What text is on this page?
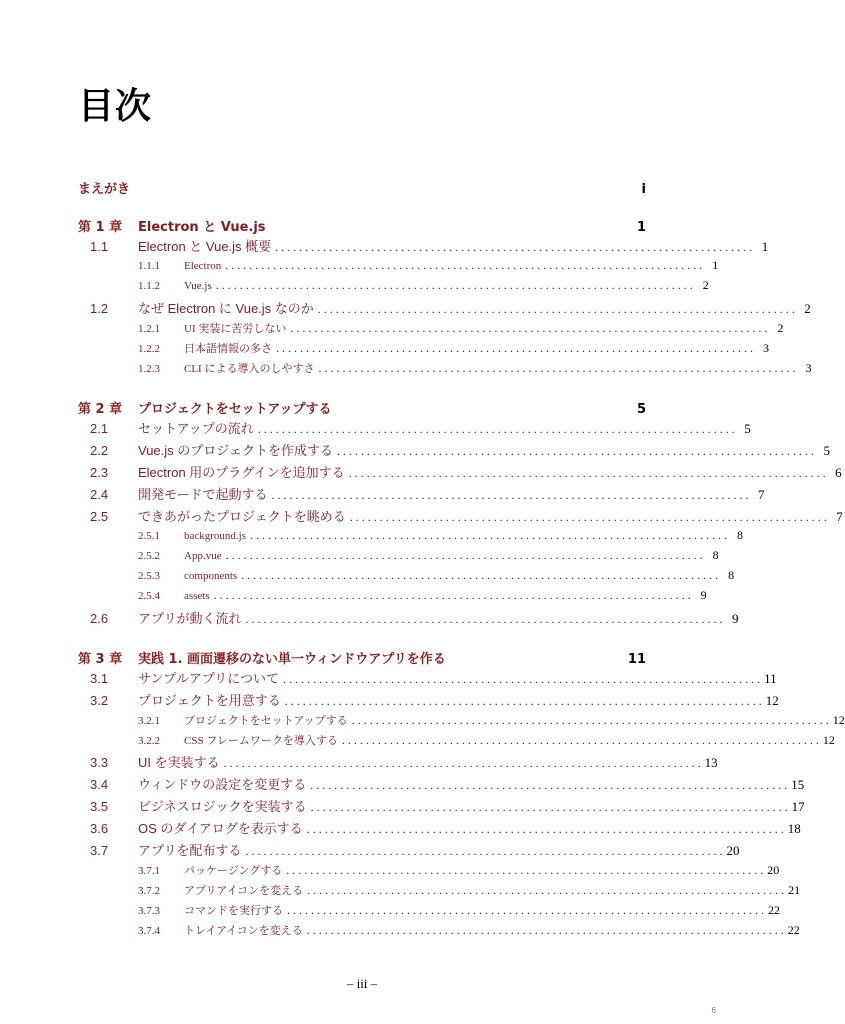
目次
まえがき	i
第 1 章	Electron と Vue.js	1
1.1	Electron と Vue.js 概要 . . . . . . . . . . . . . . . . . . . . . . . . . . . . . . . . . . . . . . . . . . . . . . . . . . . . . . . . . . . . . . . . . . . . . . . . . . . . . . . . 1
1.1.1	Electron . . . . . . . . . . . . . . . . . . . . . . . . . . . . . . . . . . . . . . . . . . . . . . . . . . . . . . . . . . . . . . . . . . . . . . . . . . . . . . . . 1
1.1.2	Vue.js . . . . . . . . . . . . . . . . . . . . . . . . . . . . . . . . . . . . . . . . . . . . . . . . . . . . . . . . . . . . . . . . . . . . . . . . . . . . . . . . 2
1.2	なぜ Electron に Vue.js なのか . . . . . . . . . . . . . . . . . . . . . . . . . . . . . . . . . . . . . . . . . . . . . . . . . . . . . . . . . . . . . . . . . . . . . . . . . . . . . . . . 2
1.2.1	UI 実装に苦労しない . . . . . . . . . . . . . . . . . . . . . . . . . . . . . . . . . . . . . . . . . . . . . . . . . . . . . . . . . . . . . . . . . . . . . . . . . . . . . . . . 2
1.2.2	日本語情報の多さ . . . . . . . . . . . . . . . . . . . . . . . . . . . . . . . . . . . . . . . . . . . . . . . . . . . . . . . . . . . . . . . . . . . . . . . . . . . . . . . . 3
1.2.3	CLI による導入のしやすさ . . . . . . . . . . . . . . . . . . . . . . . . . . . . . . . . . . . . . . . . . . . . . . . . . . . . . . . . . . . . . . . . . . . . . . . . . . . . . . . . 3
第 2 章	プロジェクトをセットアップする	5
2.1	セットアップの流れ . . . . . . . . . . . . . . . . . . . . . . . . . . . . . . . . . . . . . . . . . . . . . . . . . . . . . . . . . . . . . . . . . . . . . . . . . . . . . . . . 5
2.2	Vue.js のプロジェクトを作成する . . . . . . . . . . . . . . . . . . . . . . . . . . . . . . . . . . . . . . . . . . . . . . . . . . . . . . . . . . . . . . . . . . . . . . . . . . . . . . . . 5
2.3	Electron 用のプラグインを追加する . . . . . . . . . . . . . . . . . . . . . . . . . . . . . . . . . . . . . . . . . . . . . . . . . . . . . . . . . . . . . . . . . . . . . . . . . . . . . . . . 6
2.4	開発モードで起動する . . . . . . . . . . . . . . . . . . . . . . . . . . . . . . . . . . . . . . . . . . . . . . . . . . . . . . . . . . . . . . . . . . . . . . . . . . . . . . . . 7
2.5	できあがったプロジェクトを眺める . . . . . . . . . . . . . . . . . . . . . . . . . . . . . . . . . . . . . . . . . . . . . . . . . . . . . . . . . . . . . . . . . . . . . . . . . . . . . . . . 7
2.5.1	background.js . . . . . . . . . . . . . . . . . . . . . . . . . . . . . . . . . . . . . . . . . . . . . . . . . . . . . . . . . . . . . . . . . . . . . . . . . . . . . . . . 8
2.5.2	App.vue . . . . . . . . . . . . . . . . . . . . . . . . . . . . . . . . . . . . . . . . . . . . . . . . . . . . . . . . . . . . . . . . . . . . . . . . . . . . . . . . 8
2.5.3	components . . . . . . . . . . . . . . . . . . . . . . . . . . . . . . . . . . . . . . . . . . . . . . . . . . . . . . . . . . . . . . . . . . . . . . . . . . . . . . . . 8
2.5.4	assets . . . . . . . . . . . . . . . . . . . . . . . . . . . . . . . . . . . . . . . . . . . . . . . . . . . . . . . . . . . . . . . . . . . . . . . . . . . . . . . . 9
2.6	アプリが動く流れ . . . . . . . . . . . . . . . . . . . . . . . . . . . . . . . . . . . . . . . . . . . . . . . . . . . . . . . . . . . . . . . . . . . . . . . . . . . . . . . . 9
第 3 章	実践 1. 画面遷移のない単一ウィンドウアプリを作る	11
3.1	サンプルアプリについて . . . . . . . . . . . . . . . . . . . . . . . . . . . . . . . . . . . . . . . . . . . . . . . . . . . . . . . . . . . . . . . . . . . . . . . . . . . . . . . . 11
3.2	プロジェクトを用意する . . . . . . . . . . . . . . . . . . . . . . . . . . . . . . . . . . . . . . . . . . . . . . . . . . . . . . . . . . . . . . . . . . . . . . . . . . . . . . . . 12
3.2.1	プロジェクトをセットアップする . . . . . . . . . . . . . . . . . . . . . . . . . . . . . . . . . . . . . . . . . . . . . . . . . . . . . . . . . . . . . . . . . . . . . . . . . . . . . . . . 12
3.2.2	CSS フレームワークを導入する . . . . . . . . . . . . . . . . . . . . . . . . . . . . . . . . . . . . . . . . . . . . . . . . . . . . . . . . . . . . . . . . . . . . . . . . . . . . . . . . 12
3.3	UI を実装する . . . . . . . . . . . . . . . . . . . . . . . . . . . . . . . . . . . . . . . . . . . . . . . . . . . . . . . . . . . . . . . . . . . . . . . . . . . . . . . . 13
3.4	ウィンドウの設定を変更する . . . . . . . . . . . . . . . . . . . . . . . . . . . . . . . . . . . . . . . . . . . . . . . . . . . . . . . . . . . . . . . . . . . . . . . . . . . . . . . . 15
3.5	ビジネスロジックを実装する . . . . . . . . . . . . . . . . . . . . . . . . . . . . . . . . . . . . . . . . . . . . . . . . . . . . . . . . . . . . . . . . . . . . . . . . . . . . . . . . 17
3.6	OS のダイアログを表示する . . . . . . . . . . . . . . . . . . . . . . . . . . . . . . . . . . . . . . . . . . . . . . . . . . . . . . . . . . . . . . . . . . . . . . . . . . . . . . . . 18
3.7	アプリを配布する . . . . . . . . . . . . . . . . . . . . . . . . . . . . . . . . . . . . . . . . . . . . . . . . . . . . . . . . . . . . . . . . . . . . . . . . . . . . . . . . 20
3.7.1	パッケージングする . . . . . . . . . . . . . . . . . . . . . . . . . . . . . . . . . . . . . . . . . . . . . . . . . . . . . . . . . . . . . . . . . . . . . . . . . . . . . . . . 20
3.7.2	アプリアイコンを変える . . . . . . . . . . . . . . . . . . . . . . . . . . . . . . . . . . . . . . . . . . . . . . . . . . . . . . . . . . . . . . . . . . . . . . . . . . . . . . . . 21
3.7.3	コマンドを実行する . . . . . . . . . . . . . . . . . . . . . . . . . . . . . . . . . . . . . . . . . . . . . . . . . . . . . . . . . . . . . . . . . . . . . . . . . . . . . . . . 22
3.7.4	トレイアイコンを変える . . . . . . . . . . . . . . . . . . . . . . . . . . . . . . . . . . . . . . . . . . . . . . . . . . . . . . . . . . . . . . . . . . . . . . . . . . . . . . . . 22
– iii –
6
